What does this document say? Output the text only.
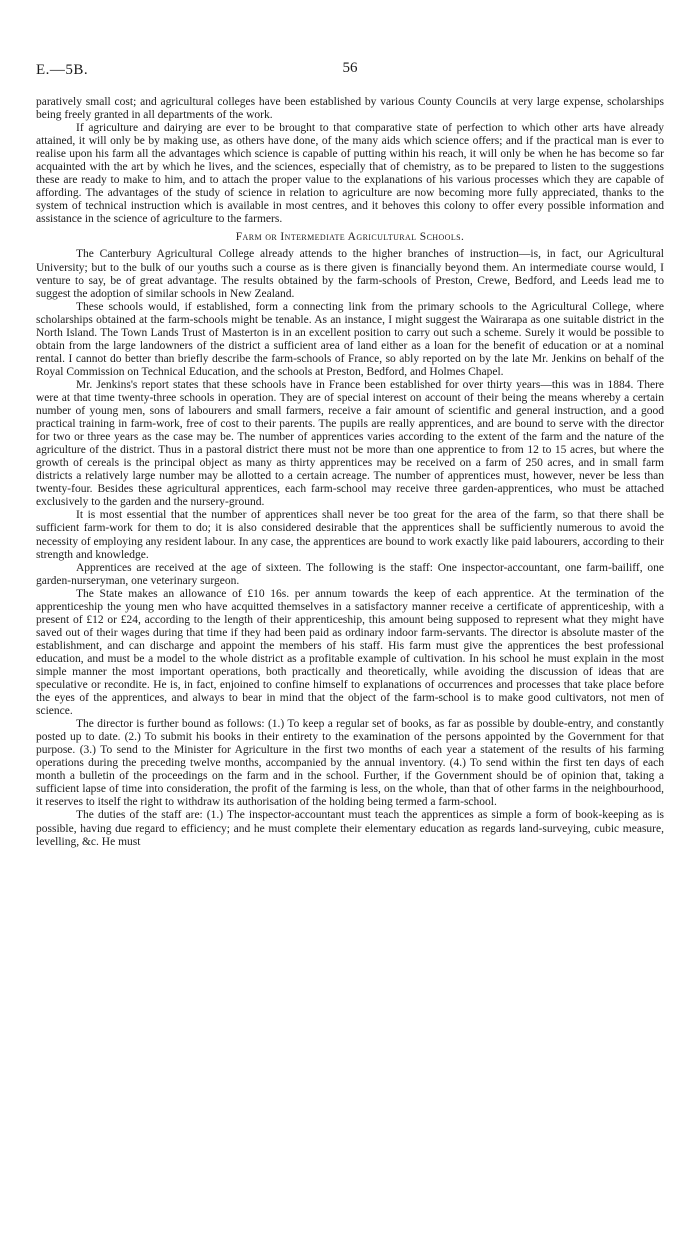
E.—5B.	56

paratively small cost; and agricultural colleges have been established by various County Councils at very large expense, scholarships being freely granted in all departments of the work.

If agriculture and dairying are ever to be brought to that comparative state of perfection to which other arts have already attained, it will only be by making use, as others have done, of the many aids which science offers; and if the practical man is ever to realise upon his farm all the advantages which science is capable of putting within his reach, it will only be when he has become so far acquainted with the art by which he lives, and the sciences, especially that of chemistry, as to be prepared to listen to the suggestions these are ready to make to him, and to attach the proper value to the explanations of his various processes which they are capable of affording. The advantages of the study of science in relation to agriculture are now becoming more fully appreciated, thanks to the system of technical instruction which is available in most centres, and it behoves this colony to offer every possible information and assistance in the science of agriculture to the farmers.

Farm or Intermediate Agricultural Schools.

The Canterbury Agricultural College already attends to the higher branches of instruction—is, in fact, our Agricultural University; but to the bulk of our youths such a course as is there given is financially beyond them. An intermediate course would, I venture to say, be of great advantage. The results obtained by the farm-schools of Preston, Crewe, Bedford, and Leeds lead me to suggest the adoption of similar schools in New Zealand.

These schools would, if established, form a connecting link from the primary schools to the Agricultural College, where scholarships obtained at the farm-schools might be tenable. As an instance, I might suggest the Wairarapa as one suitable district in the North Island. The Town Lands Trust of Masterton is in an excellent position to carry out such a scheme. Surely it would be possible to obtain from the large landowners of the district a sufficient area of land either as a loan for the benefit of education or at a nominal rental. I cannot do better than briefly describe the farm-schools of France, so ably reported on by the late Mr. Jenkins on behalf of the Royal Commission on Technical Education, and the schools at Preston, Bedford, and Holmes Chapel.

Mr. Jenkins's report states that these schools have in France been established for over thirty years—this was in 1884. There were at that time twenty-three schools in operation. They are of special interest on account of their being the means whereby a certain number of young men, sons of labourers and small farmers, receive a fair amount of scientific and general instruction, and a good practical training in farm-work, free of cost to their parents. The pupils are really apprentices, and are bound to serve with the director for two or three years as the case may be. The number of apprentices varies according to the extent of the farm and the nature of the agriculture of the district. Thus in a pastoral district there must not be more than one apprentice to from 12 to 15 acres, but where the growth of cereals is the principal object as many as thirty apprentices may be received on a farm of 250 acres, and in small farm districts a relatively large number may be allotted to a certain acreage. The number of apprentices must, however, never be less than twenty-four. Besides these agricultural apprentices, each farm-school may receive three garden-apprentices, who must be attached exclusively to the garden and the nursery-ground.

It is most essential that the number of apprentices shall never be too great for the area of the farm, so that there shall be sufficient farm-work for them to do; it is also considered desirable that the apprentices shall be sufficiently numerous to avoid the necessity of employing any resident labour. In any case, the apprentices are bound to work exactly like paid labourers, according to their strength and knowledge.

Apprentices are received at the age of sixteen. The following is the staff: One inspector-accountant, one farm-bailiff, one garden-nurseryman, one veterinary surgeon.

The State makes an allowance of £10 16s. per annum towards the keep of each apprentice. At the termination of the apprenticeship the young men who have acquitted themselves in a satisfactory manner receive a certificate of apprenticeship, with a present of £12 or £24, according to the length of their apprenticeship, this amount being supposed to represent what they might have saved out of their wages during that time if they had been paid as ordinary indoor farm-servants. The director is absolute master of the establishment, and can discharge and appoint the members of his staff. His farm must give the apprentices the best professional education, and must be a model to the whole district as a profitable example of cultivation. In his school he must explain in the most simple manner the most important operations, both practically and theoretically, while avoiding the discussion of ideas that are speculative or recondite. He is, in fact, enjoined to confine himself to explanations of occurrences and processes that take place before the eyes of the apprentices, and always to bear in mind that the object of the farm-school is to make good cultivators, not men of science.

The director is further bound as follows: (1.) To keep a regular set of books, as far as possible by double-entry, and constantly posted up to date. (2.) To submit his books in their entirety to the examination of the persons appointed by the Government for that purpose. (3.) To send to the Minister for Agriculture in the first two months of each year a statement of the results of his farming operations during the preceding twelve months, accompanied by the annual inventory. (4.) To send within the first ten days of each month a bulletin of the proceedings on the farm and in the school. Further, if the Government should be of opinion that, taking a sufficient lapse of time into consideration, the profit of the farming is less, on the whole, than that of other farms in the neighbourhood, it reserves to itself the right to withdraw its authorisation of the holding being termed a farm-school.

The duties of the staff are: (1.) The inspector-accountant must teach the apprentices as simple a form of book-keeping as is possible, having due regard to efficiency; and he must complete their elementary education as regards land-surveying, cubic measure, levelling, &c. He must
